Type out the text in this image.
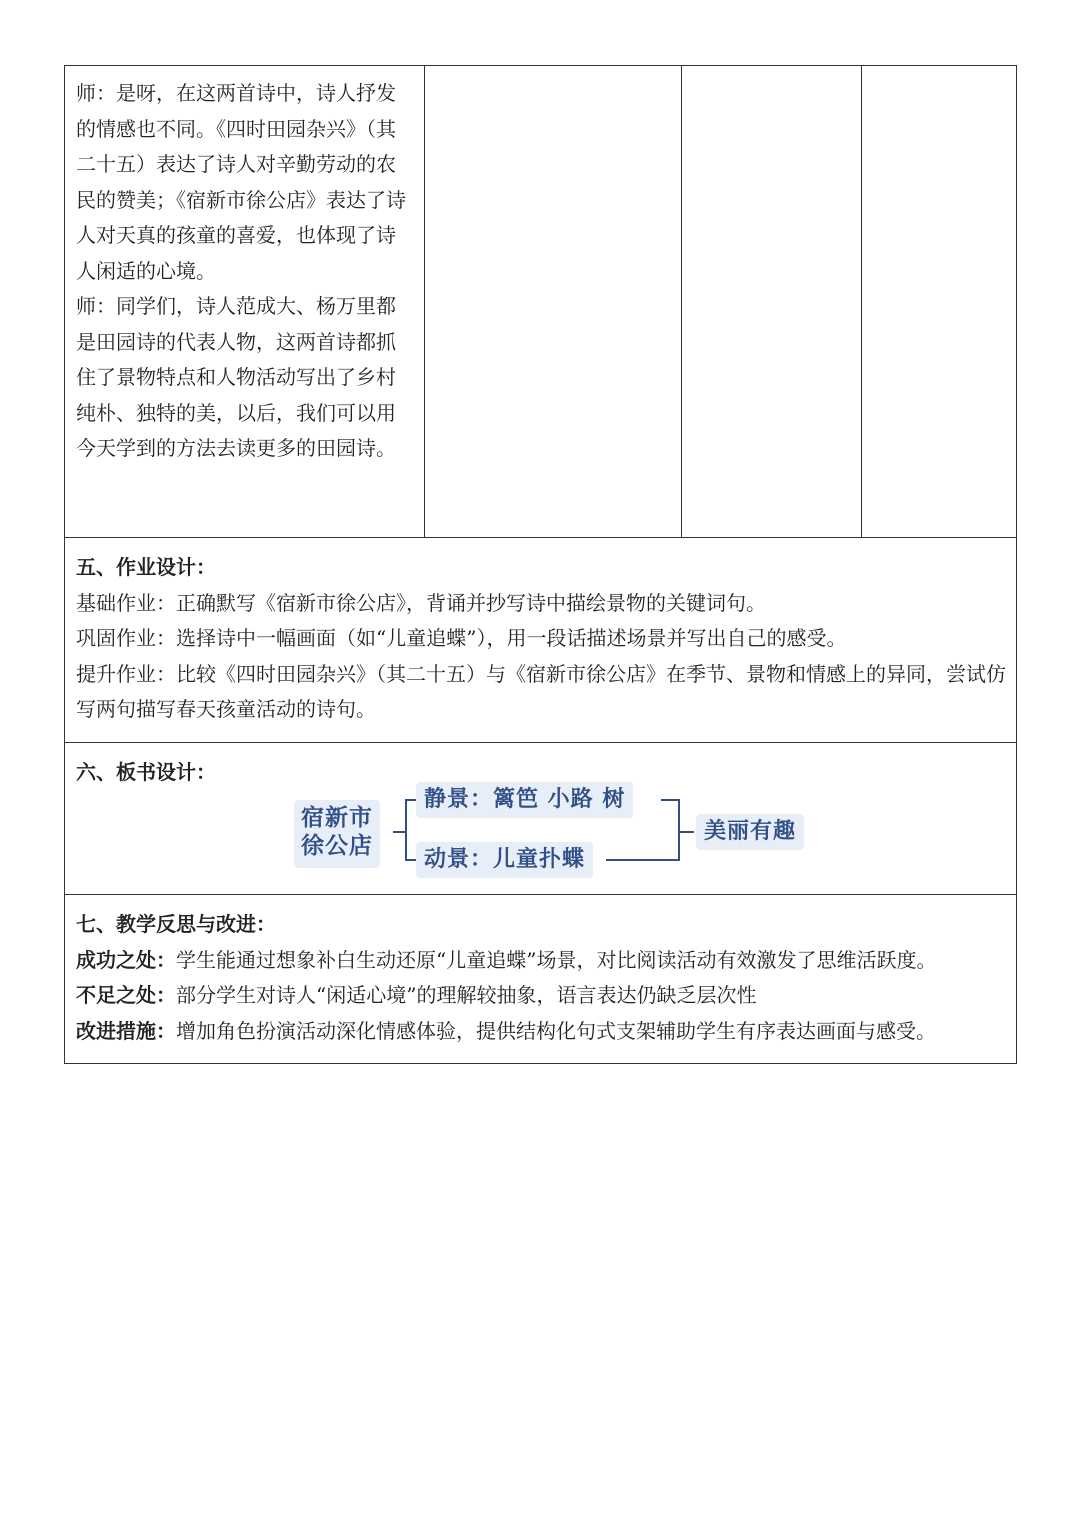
师：是呀，在这两首诗中，诗人抒发的情感也不同。《四时田园杂兴》（其二十五）表达了诗人对辛勤劳动的农民的赞美；《宿新市徐公店》表达了诗人对天真的孩童的喜爱，也体现了诗人闲适的心境。

师：同学们，诗人范成大、杨万里都是田园诗的代表人物，这两首诗都抓住了景物特点和人物活动写出了乡村纯朴、独特的美，以后，我们可以用今天学到的方法去读更多的田园诗。

五、作业设计：

基础作业：正确默写《宿新市徐公店》，背诵并抄写诗中描绘景物的关键词句。

巩固作业：选择诗中一幅画面（如“儿童追蝶”），用一段话描述场景并写出自己的感受。

提升作业：比较《四时田园杂兴》（其二十五）与《宿新市徐公店》在季节、景物和情感上的异同，尝试仿写两句描写春天孩童活动的诗句。

六、板书设计：

宿新市
徐公店
静景：篱笆 小路 树
动景：儿童扑蝶
美丽有趣

七、教学反思与改进：

成功之处：学生能通过想象补白生动还原“儿童追蝶”场景，对比阅读活动有效激发了思维活跃度。

不足之处：部分学生对诗人“闲适心境”的理解较抽象，语言表达仍缺乏层次性

改进措施：增加角色扮演活动深化情感体验，提供结构化句式支架辅助学生有序表达画面与感受。
